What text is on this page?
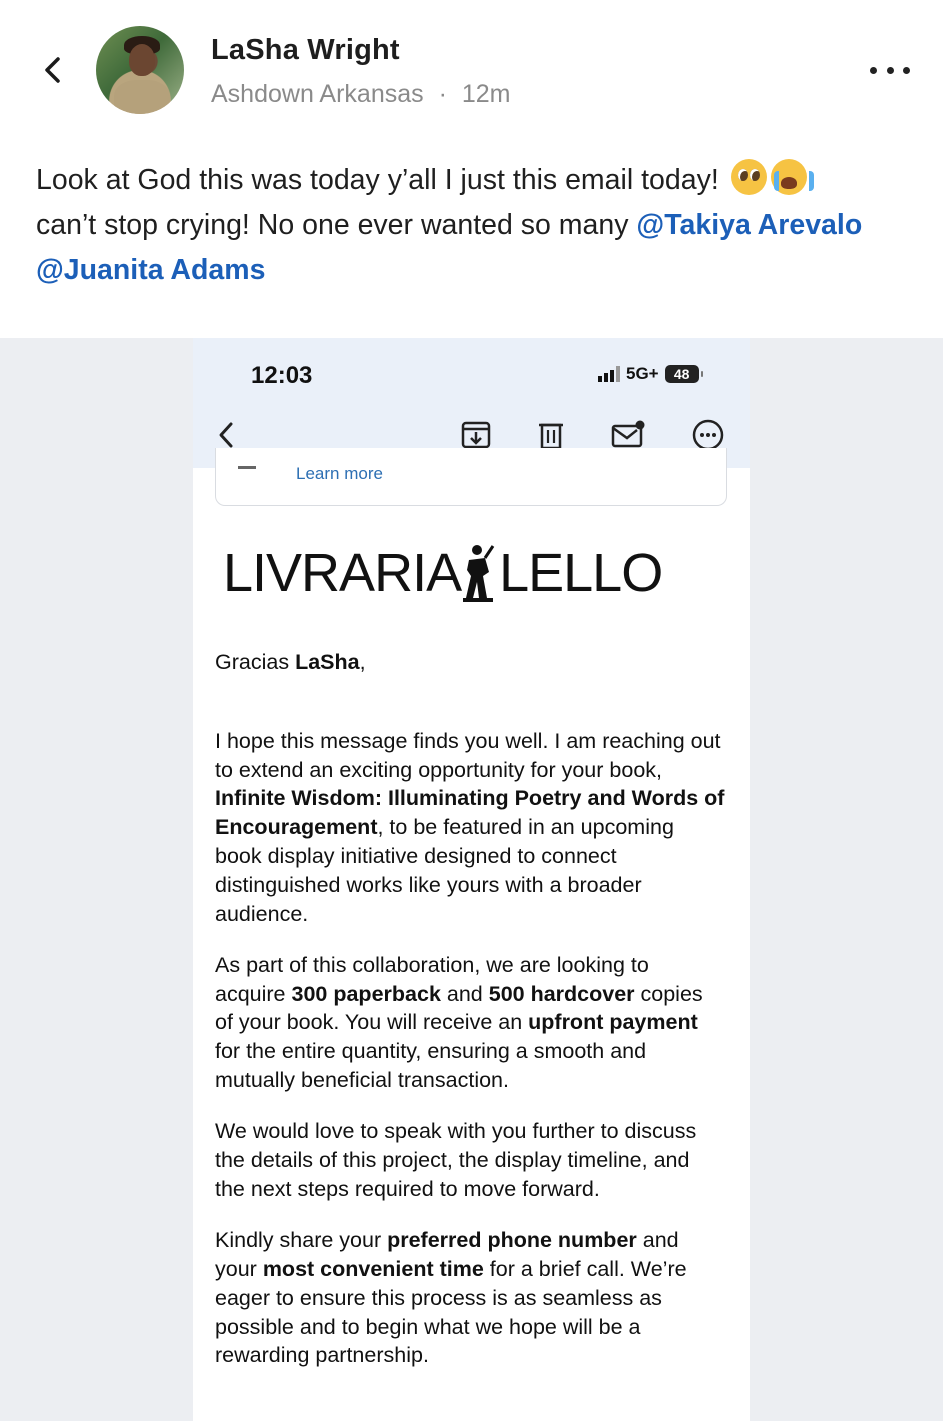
LaSha Wright
Ashdown Arkansas · 12m
Look at God this was today y’all I just this email today!
can’t stop crying! No one ever wanted so many @Takiya Arevalo @Juanita Adams
12:03	5G+ 48
Learn more
LIVRARIA LELLO

Gracias LaSha,

I hope this message finds you well. I am reaching out to extend an exciting opportunity for your book, Infinite Wisdom: Illuminating Poetry and Words of Encouragement, to be featured in an upcoming book display initiative designed to connect distinguished works like yours with a broader audience.

As part of this collaboration, we are looking to acquire 300 paperback and 500 hardcover copies of your book. You will receive an upfront payment for the entire quantity, ensuring a smooth and mutually beneficial transaction.

We would love to speak with you further to discuss the details of this project, the display timeline, and the next steps required to move forward.

Kindly share your preferred phone number and your most convenient time for a brief call. We’re eager to ensure this process is as seamless as possible and to begin what we hope will be a rewarding partnership.
